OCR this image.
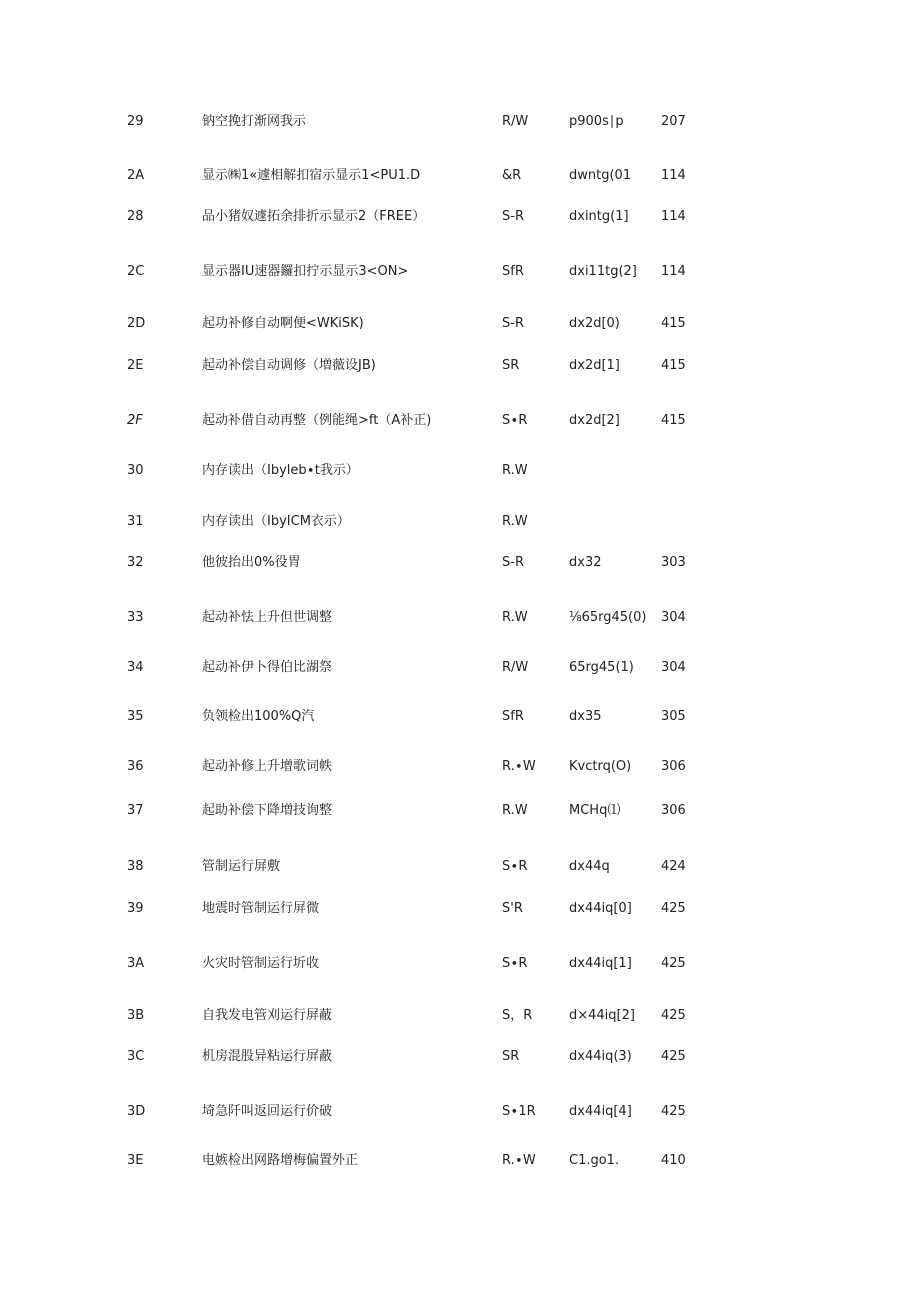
29	钠空挽打渐网我示	R/W	p900s∣p	207
2A	显示㈱1«遽相解扣宿示显示1<PU1.D	&R	dwntg(01 114
28	品小猪奴遽拓余排折示显示2（FREE）	S-R	dxintg(1] 114
2C	显示器IU速器鑼扣拧示显示3<ON>	SfR	dxi11tg(2] 114
2D	起功补修自动啊便<WKiSK)	S-R	dx2d[0)	415
2E	起动补偿自动调修（増薇设JB)	SR	dx2d[1]	415
2F	起动补借自动再整（例能绳>ft（A补正)	S∙R	dx2d[2]	415
30	内存读出（Ibyleb∙t我示）	R.W
31	内存读出（IbyICM衣示）	R.W
32	他彼抬出0%役胃	S-R	dx32	303
33	起动补怯上升但世调整	R.W	⅛65rg45(0) 304
34	起动补伊卜得伯比湖祭	R/W	65rg45(1) 304
35	负领检出100%Q汽	SfR	dx35	305
36	起动补修上升增歌词帙	R.∙W	Kvctrq(O) 306
37	起助补偿下降増技询整	R.W	MCHq⑴	306
38	管制运行屏敷	S∙R	dx44q	424
39	地震时管制运行屏微	S'R	dx44iq[0] 425
3A	火灾时管制运行圻收	S∙R	dx44iq[1] 425
3B	自我发电管刈运行屏蔽	S，R	d×44iq[2] 425
3C	机房混股异粘运行屏蔽	SR	dx44iq(3) 425
3D	埼急阡叫返回运行价破	S∙1R	dx44iq[4] 425
3E	电嫉检出网路增梅偏置外正	R.∙W	C1.go1.	410
